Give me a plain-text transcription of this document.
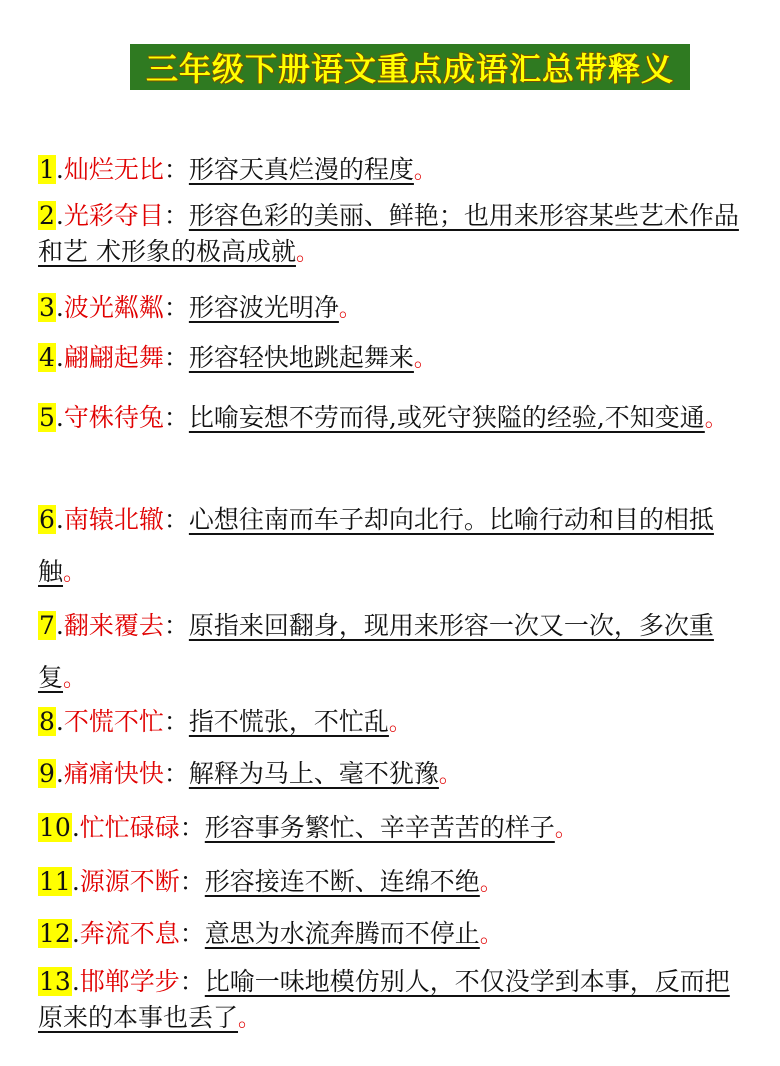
三年级下册语文重点成语汇总带释义
1.灿烂无比：形容天真烂漫的程度。
2.光彩夺目：形容色彩的美丽、鲜艳；也用来形容某些艺术作品和艺 术形象的极高成就。
3.波光粼粼：形容波光明净。
4.翩翩起舞：形容轻快地跳起舞来。
5.守株待兔：比喻妄想不劳而得,或死守狭隘的经验,不知变通。
6.南辕北辙：心想往南而车子却向北行。比喻行动和目的相抵触。
7.翻来覆去：原指来回翻身，现用来形容一次又一次，多次重复。
8.不慌不忙：指不慌张，不忙乱。
9.痛痛快快：解释为马上、毫不犹豫。
10.忙忙碌碌：形容事务繁忙、辛辛苦苦的样子。
11.源源不断：形容接连不断、连绵不绝。
12.奔流不息：意思为水流奔腾而不停止。
13.邯郸学步：比喻一味地模仿别人，不仅没学到本事，反而把原来的本事也丢了。
